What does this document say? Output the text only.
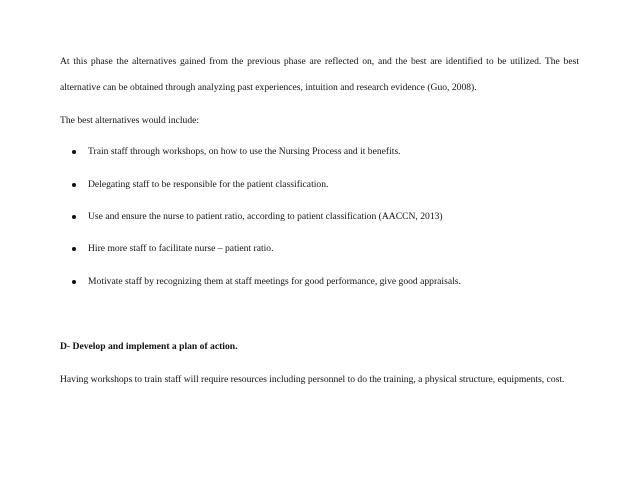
At this phase the alternatives gained from the previous phase are reflected on, and the best are identified to be utilized. The best
alternative can be obtained through analyzing past experiences, intuition and research evidence (Guo, 2008).
The best alternatives would include:
Train staff through workshops, on how to use the Nursing Process and it benefits.
Delegating staff to be responsible for the patient classification.
Use and ensure the nurse to patient ratio, according to patient classification (AACCN, 2013)
Hire more staff to facilitate nurse – patient ratio.
Motivate staff by recognizing them at staff meetings for good performance, give good appraisals.
D- Develop and implement a plan of action.
Having workshops to train staff will require resources including personnel to do the training, a physical structure, equipments, cost.
